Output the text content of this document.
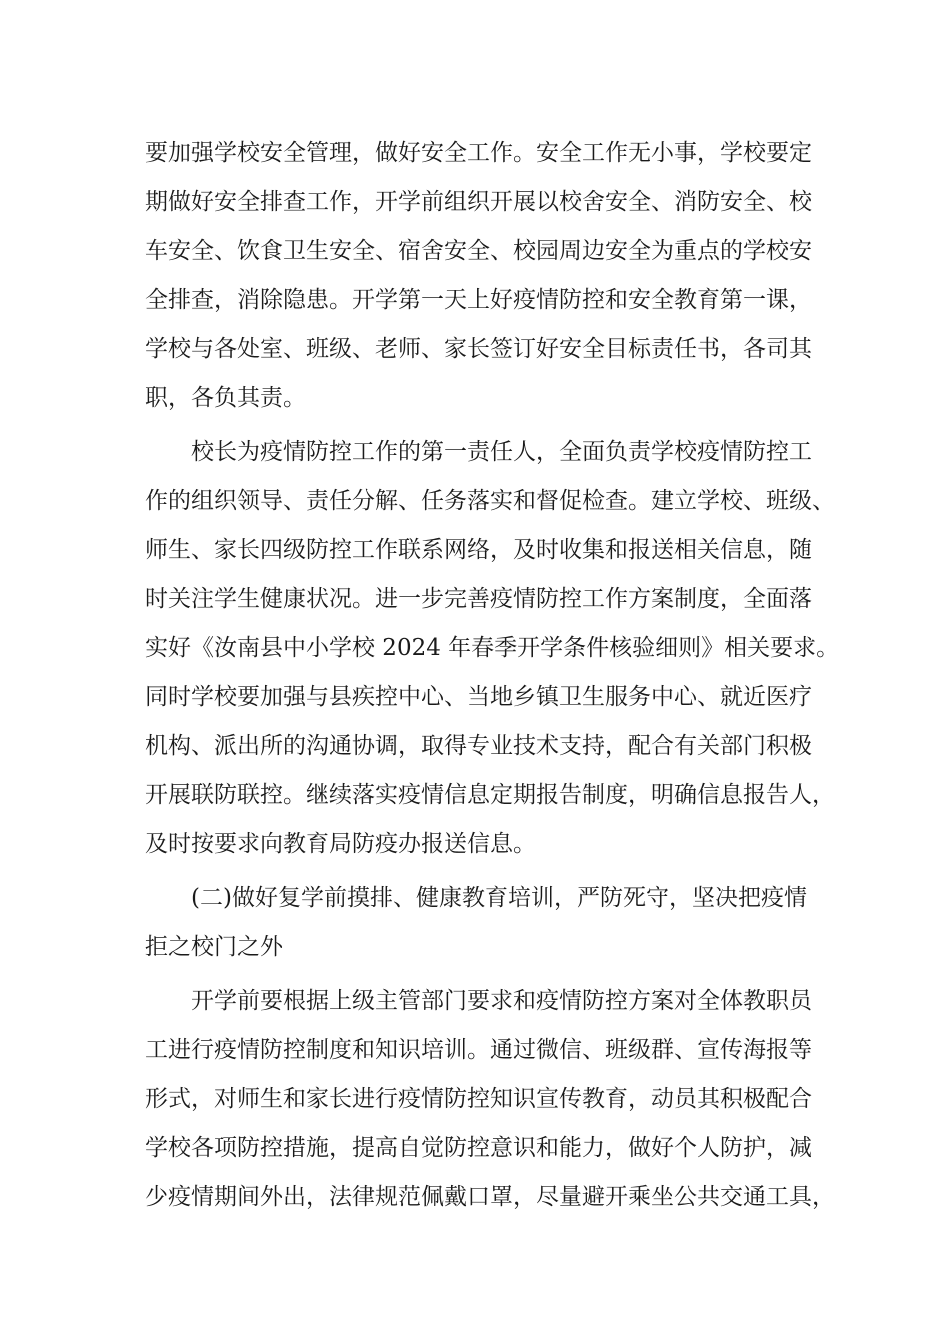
要加强学校安全管理，做好安全工作。安全工作无小事，学校要定
期做好安全排查工作，开学前组织开展以校舍安全、消防安全、校
车安全、饮食卫生安全、宿舍安全、校园周边安全为重点的学校安
全排查，消除隐患。开学第一天上好疫情防控和安全教育第一课，
学校与各处室、班级、老师、家长签订好安全目标责任书，各司其
职，各负其责。
校长为疫情防控工作的第一责任人，全面负责学校疫情防控工
作的组织领导、责任分解、任务落实和督促检查。建立学校、班级、
师生、家长四级防控工作联系网络，及时收集和报送相关信息，随
时关注学生健康状况。进一步完善疫情防控工作方案制度，全面落
实好《汝南县中小学校 2024 年春季开学条件核验细则》相关要求。
同时学校要加强与县疾控中心、当地乡镇卫生服务中心、就近医疗
机构、派出所的沟通协调，取得专业技术支持，配合有关部门积极
开展联防联控。继续落实疫情信息定期报告制度，明确信息报告人，
及时按要求向教育局防疫办报送信息。
(二)做好复学前摸排、健康教育培训，严防死守，坚决把疫情
拒之校门之外
开学前要根据上级主管部门要求和疫情防控方案对全体教职员
工进行疫情防控制度和知识培训。通过微信、班级群、宣传海报等
形式，对师生和家长进行疫情防控知识宣传教育，动员其积极配合
学校各项防控措施，提高自觉防控意识和能力，做好个人防护，减
少疫情期间外出，法律规范佩戴口罩，尽量避开乘坐公共交通工具，
